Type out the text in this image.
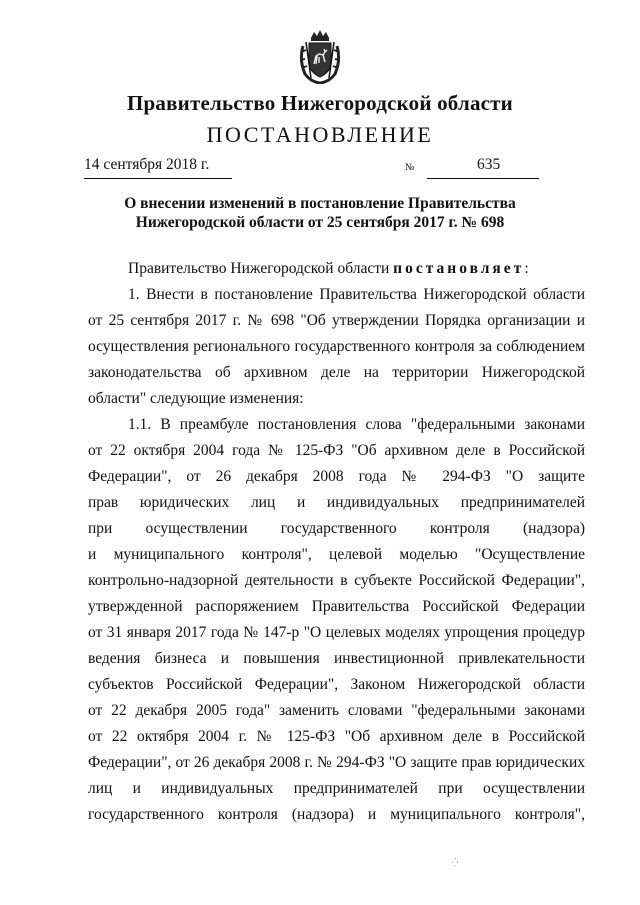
Правительство Нижегородской области
ПОСТАНОВЛЕНИЕ
14 сентября 2018 г.	№	635
О внесении изменений в постановление Правительства
Нижегородской области от 25 сентября 2017 г. № 698
Правительство Нижегородской области постановляет:
1. Внести в постановление Правительства Нижегородской области
от 25 сентября 2017 г. № 698 "Об утверждении Порядка организации и
осуществления регионального государственного контроля за соблюдением
законодательства об архивном деле на территории Нижегородской
области" следующие изменения:
1.1. В преамбуле постановления слова "федеральными законами
от 22 октября 2004 года № 125-ФЗ "Об архивном деле в Российской
Федерации", от 26 декабря 2008 года № 294-ФЗ "О защите
прав юридических лиц и индивидуальных предпринимателей
при осуществлении государственного контроля (надзора)
и муниципального контроля", целевой моделью "Осуществление
контрольно-надзорной деятельности в субъекте Российской Федерации",
утвержденной распоряжением Правительства Российской Федерации
от 31 января 2017 года № 147-р "О целевых моделях упрощения процедур
ведения бизнеса и повышения инвестиционной привлекательности
субъектов Российской Федерации", Законом Нижегородской области
от 22 декабря 2005 года" заменить словами "федеральными законами
от 22 октября 2004 г. № 125-ФЗ "Об архивном деле в Российской
Федерации", от 26 декабря 2008 г. № 294-ФЗ "О защите прав юридических
лиц и индивидуальных предпринимателей при осуществлении
государственного контроля (надзора) и муниципального контроля",
⁛
